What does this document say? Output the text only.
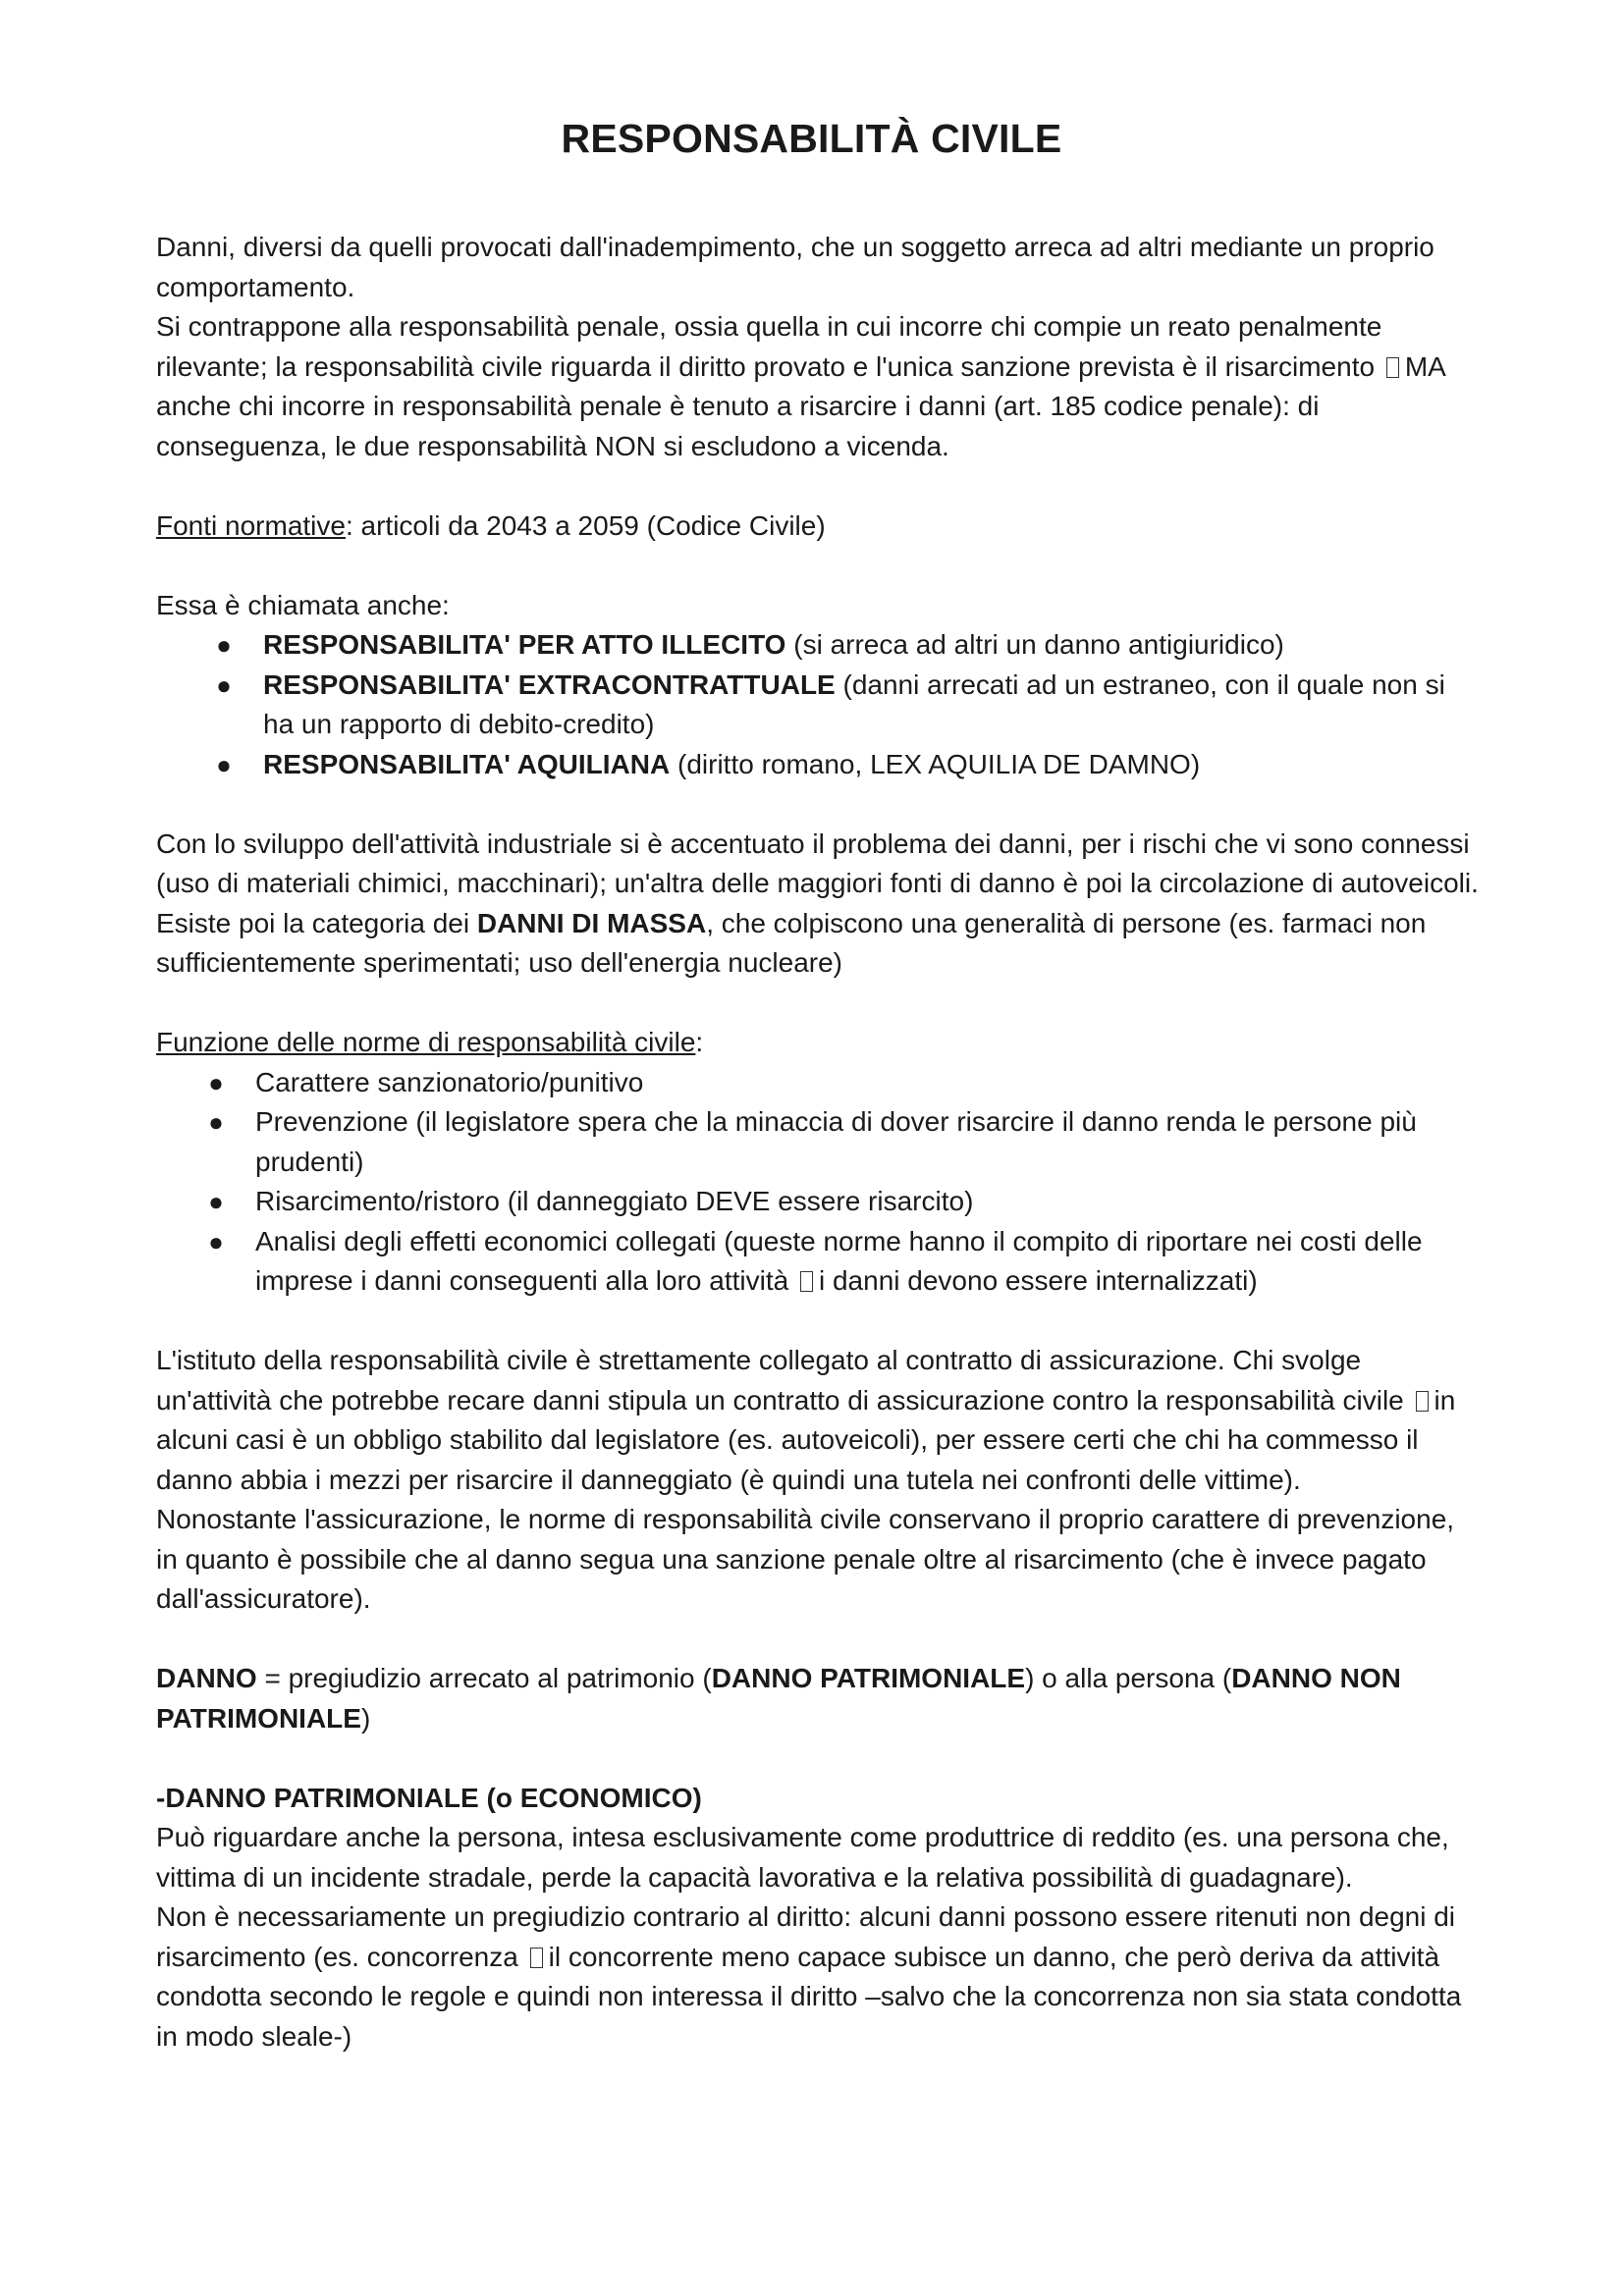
RESPONSABILITÀ CIVILE

Danni, diversi da quelli provocati dall'inadempimento, che un soggetto arreca ad altri mediante un proprio comportamento.
Si contrappone alla responsabilità penale, ossia quella in cui incorre chi compie un reato penalmente rilevante; la responsabilità civile riguarda il diritto provato e l'unica sanzione prevista è il risarcimento MA anche chi incorre in responsabilità penale è tenuto a risarcire i danni (art. 185 codice penale): di conseguenza, le due responsabilità NON si escludono a vicenda.

Fonti normative: articoli da 2043 a 2059 (Codice Civile)

Essa è chiamata anche:

● RESPONSABILITA' PER ATTO ILLECITO (si arreca ad altri un danno antigiuridico)
● RESPONSABILITA' EXTRACONTRATTUALE (danni arrecati ad un estraneo, con il quale non si ha un rapporto di debito-credito)
● RESPONSABILITA' AQUILIANA (diritto romano, LEX AQUILIA DE DAMNO)

Con lo sviluppo dell'attività industriale si è accentuato il problema dei danni, per i rischi che vi sono connessi (uso di materiali chimici, macchinari); un'altra delle maggiori fonti di danno è poi la circolazione di autoveicoli.
Esiste poi la categoria dei DANNI DI MASSA, che colpiscono una generalità di persone (es. farmaci non sufficientemente sperimentati; uso dell'energia nucleare)

Funzione delle norme di responsabilità civile:

● Carattere sanzionatorio/punitivo
● Prevenzione (il legislatore spera che la minaccia di dover risarcire il danno renda le persone più prudenti)
● Risarcimento/ristoro (il danneggiato DEVE essere risarcito)
● Analisi degli effetti economici collegati (queste norme hanno il compito di riportare nei costi delle imprese i danni conseguenti alla loro attività i danni devono essere internalizzati)

L'istituto della responsabilità civile è strettamente collegato al contratto di assicurazione. Chi svolge un'attività che potrebbe recare danni stipula un contratto di assicurazione contro la responsabilità civile in alcuni casi è un obbligo stabilito dal legislatore (es. autoveicoli), per essere certi che chi ha commesso il danno abbia i mezzi per risarcire il danneggiato (è quindi una tutela nei confronti delle vittime).
Nonostante l'assicurazione, le norme di responsabilità civile conservano il proprio carattere di prevenzione, in quanto è possibile che al danno segua una sanzione penale oltre al risarcimento (che è invece pagato dall'assicuratore).

DANNO = pregiudizio arrecato al patrimonio (DANNO PATRIMONIALE) o alla persona (DANNO NON PATRIMONIALE)

-DANNO PATRIMONIALE (o ECONOMICO)

Può riguardare anche la persona, intesa esclusivamente come produttrice di reddito (es. una persona che, vittima di un incidente stradale, perde la capacità lavorativa e la relativa possibilità di guadagnare).
Non è necessariamente un pregiudizio contrario al diritto: alcuni danni possono essere ritenuti non degni di risarcimento (es. concorrenza il concorrente meno capace subisce un danno, che però deriva da attività condotta secondo le regole e quindi non interessa il diritto –salvo che la concorrenza non sia stata condotta in modo sleale-)
